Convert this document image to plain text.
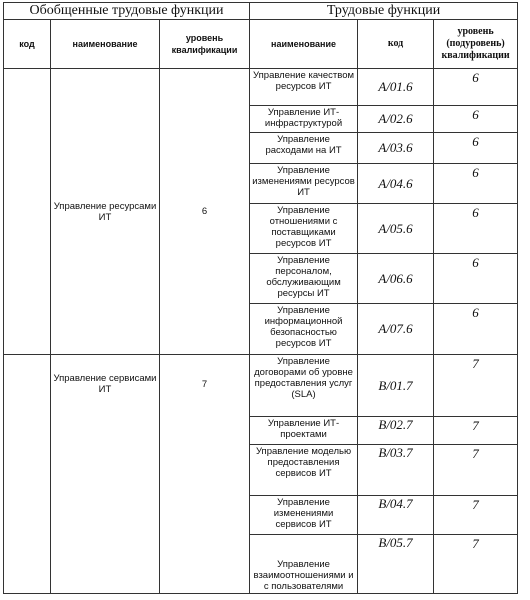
Обобщенные трудовые функции			Трудовые функции		
код	наименование	уровень квалификации	наименование	код	уровень (подуровень) квалификации
	Управление ресурсами ИТ	6	Управление качеством ресурсов ИТ	A/01.6	6
			Управление ИТ-инфраструктурой	A/02.6	6
			Управление расходами на ИТ	A/03.6	6
			Управление изменениями ресурсов ИТ	A/04.6	6
			Управление отношениями с поставщиками ресурсов ИТ	A/05.6	6
			Управление персоналом, обслуживающим ресурсы ИТ	A/06.6	6
			Управление информационной безопасностью ресурсов ИТ	A/07.6	6
	Управление сервисами ИТ	7	Управление договорами об уровне предоставления услуг (SLA)	B/01.7	7
			Управление ИТ-проектами	B/02.7	7
			Управление моделью предоставления сервисов ИТ	B/03.7	7
			Управление изменениями сервисов ИТ	B/04.7	7
			Управление взаимоотношениями и с пользователями	B/05.7	7
